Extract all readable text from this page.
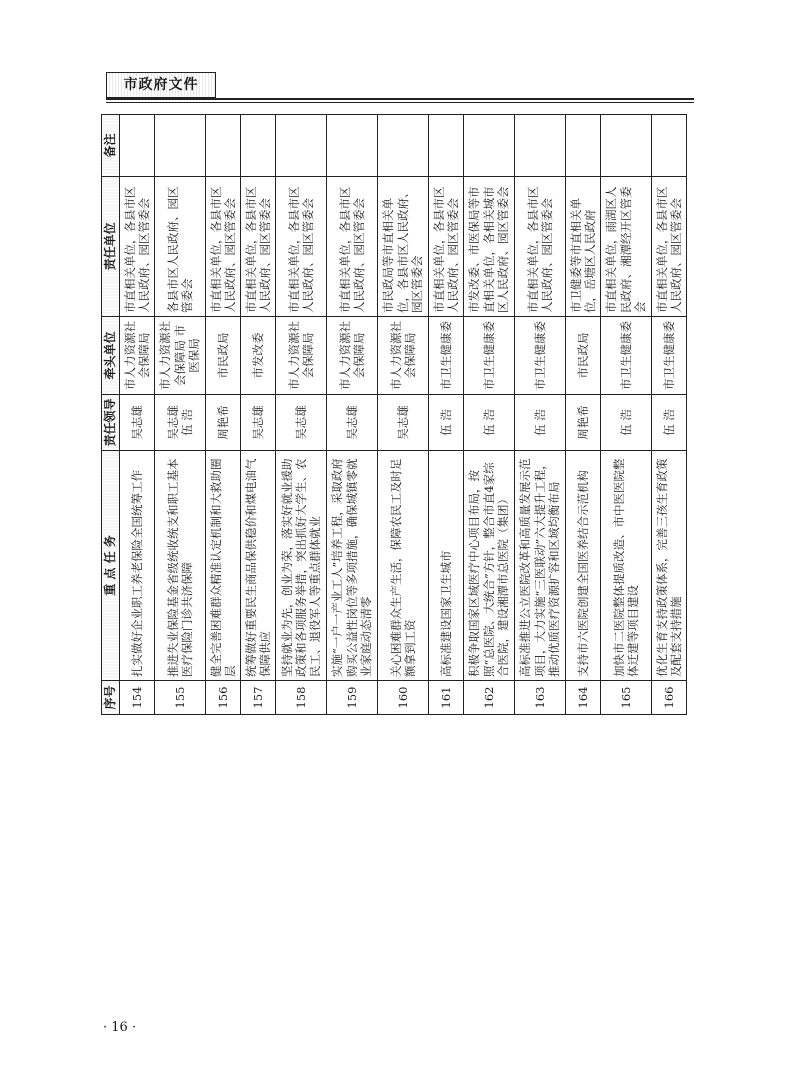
市政府文件
序号	重 点 任 务	责任领导	牵头单位	责任单位	备注
154	扎实做好企业职工养老保险全国统筹工作	吴志雄	市人力资源社会保障局	市直相关单位，各县市区人民政府、园区管委会	
155	推进失业保险基金省级统收统支和职工基本医疗保险门诊共济保障	吴志雄 伍 浩	市人力资源社会保障局 市医保局	各县市区人民政府、园区管委会	
156	健全完善困难群众精准认定机制和大救助圈层	周艳希	市民政局	市直相关单位，各县市区人民政府、园区管委会	
157	统筹做好重要民生商品保供稳价和煤电油气保障供应	吴志雄	市发改委	市直相关单位，各县市区人民政府、园区管委会	
158	坚持就业为先，创业为荣，落实好就业援助政策和各项服务举措，突出抓好大学生、农民工、退役军人等重点群体就业	吴志雄	市人力资源社会保障局	市直相关单位，各县市区人民政府、园区管委会	
159	实施“一户一产业工人”培养工程，采取政府购买公益性岗位等多项措施，确保城镇零就业家庭动态清零	吴志雄	市人力资源社会保障局	市直相关单位，各县市区人民政府、园区管委会	
160	关心困难群众生产生活，保障农民工及时足额拿到工资	吴志雄	市人力资源社会保障局	市民政局等市直相关单位，各县市区人民政府、园区管委会	
161	高标准建设国家卫生城市	伍 浩	市卫生健康委	市直相关单位，各县市区人民政府、园区管委会	
162	积极争取国家区域医疗中心项目布局，按照“总医院、大统合”方针，整合市直4家综合医院，建设湘潭市总医院（集团）	伍 浩	市卫生健康委	市发改委、市医保局等市直相关单位，各相关城市区人民政府、园区管委会	
163	高标准推进公立医院改革和高质量发展示范项目，大力实施“三医联动”六大提升工程，推动优质医疗资源扩容和区域均衡布局	伍 浩	市卫生健康委	市直相关单位，各县市区人民政府、园区管委会	
164	支持市六医院创建全国医养结合示范机构	周艳希	市民政局	市卫健委等市直相关单位，岳塘区人民政府	
165	加快市二医院整体提质改造、市中医医院整体迁建等项目建设	伍 浩	市卫生健康委	市直相关单位，雨湖区人民政府、湘潭经开区管委会	
166	优化生育支持政策体系，完善三孩生育政策及配套支持措施	伍 浩	市卫生健康委	市直相关单位，各县市区人民政府、园区管委会	
· 16 ·
